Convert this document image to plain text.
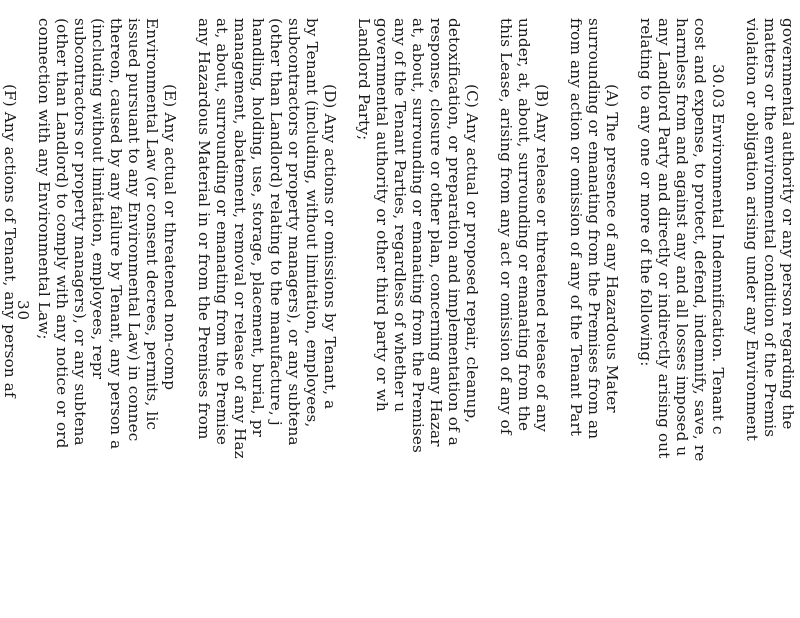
governmental authority or any person regarding the
matters or the environmental condition of the Premis
violation or obligation arising under any Environment
30.03 Environmental Indemnification. Tenant c
cost and expense, to protect, defend, indemnify, save, re
harmless from and against any and all losses imposed u
any Landlord Party and directly or indirectly arising out
relating to any one or more of the following:
(A) The presence of any Hazardous Mater
surrounding or emanating from the Premises from an
from any action or omission of any of the Tenant Part
(B) Any release or threatened release of any
under, at, about, surrounding or emanating from the
this Lease, arising from any act or omission of any of
(C) Any actual or proposed repair, cleanup,
detoxification, or preparation and implementation of a
response, closure or other plan, concerning any Hazar
at, about, surrounding or emanating from the Premises
any of the Tenant Parties, regardless of whether u
governmental authority or other third party or wh
Landlord Party;
(D) Any actions or omissions by Tenant, a
by Tenant (including, without limitation, employees,
subcontractors or property managers), or any subtena
(other than Landlord) relating to the manufacture, j
handling, holding, use, storage, placement, burial, pr
management, abatement, removal or release of any Haz
at, about, surrounding or emanating from the Premise
any Hazardous Material in or from the Premises from
(E) Any actual or threatened non-comp
Environmental Law (or consent decrees, permits, lic
issued pursuant to any Environmental Law) in connec
thereon, caused by any failure by Tenant, any person a
(including without limitation, employees, repr
subcontractors or property managers), or any subtena
(other than Landlord) to comply with any notice or ord
connection with any Environmental Law;
(F) Any actions of Tenant, any person af
30
